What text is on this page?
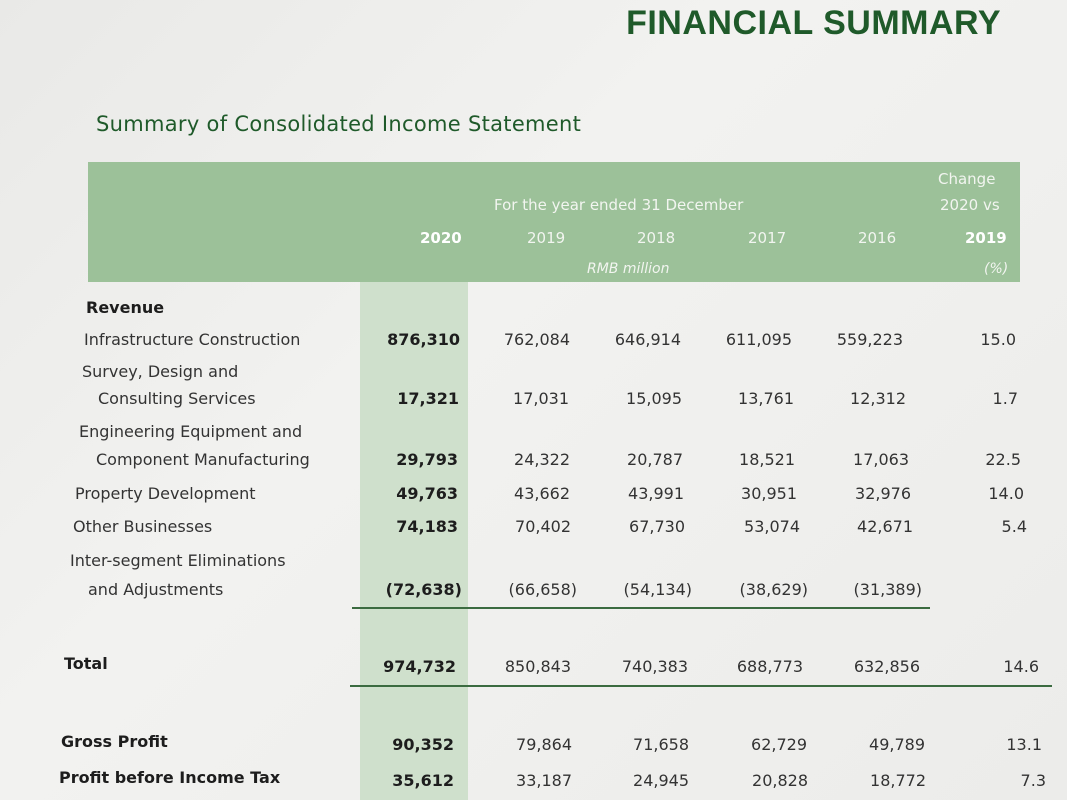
FINANCIAL SUMMARY
Summary of Consolidated Income Statement
For the year ended 31 December
2020	2019	2018	2017	2016
RMB million
Change
2020 vs
2019
(%)
Revenue
Infrastructure Construction	876,310	762,084	646,914	611,095	559,223	15.0
Survey, Design and
Consulting Services	17,321	17,031	15,095	13,761	12,312	1.7
Engineering Equipment and
Component Manufacturing	29,793	24,322	20,787	18,521	17,063	22.5
Property Development	49,763	43,662	43,991	30,951	32,976	14.0
Other Businesses	74,183	70,402	67,730	53,074	42,671	5.4
Inter-segment Eliminations
and Adjustments	(72,638)	(66,658)	(54,134)	(38,629)	(31,389)
Total	974,732	850,843	740,383	688,773	632,856	14.6
Gross Profit	90,352	79,864	71,658	62,729	49,789	13.1
Profit before Income Tax	35,612	33,187	24,945	20,828	18,772	7.3
